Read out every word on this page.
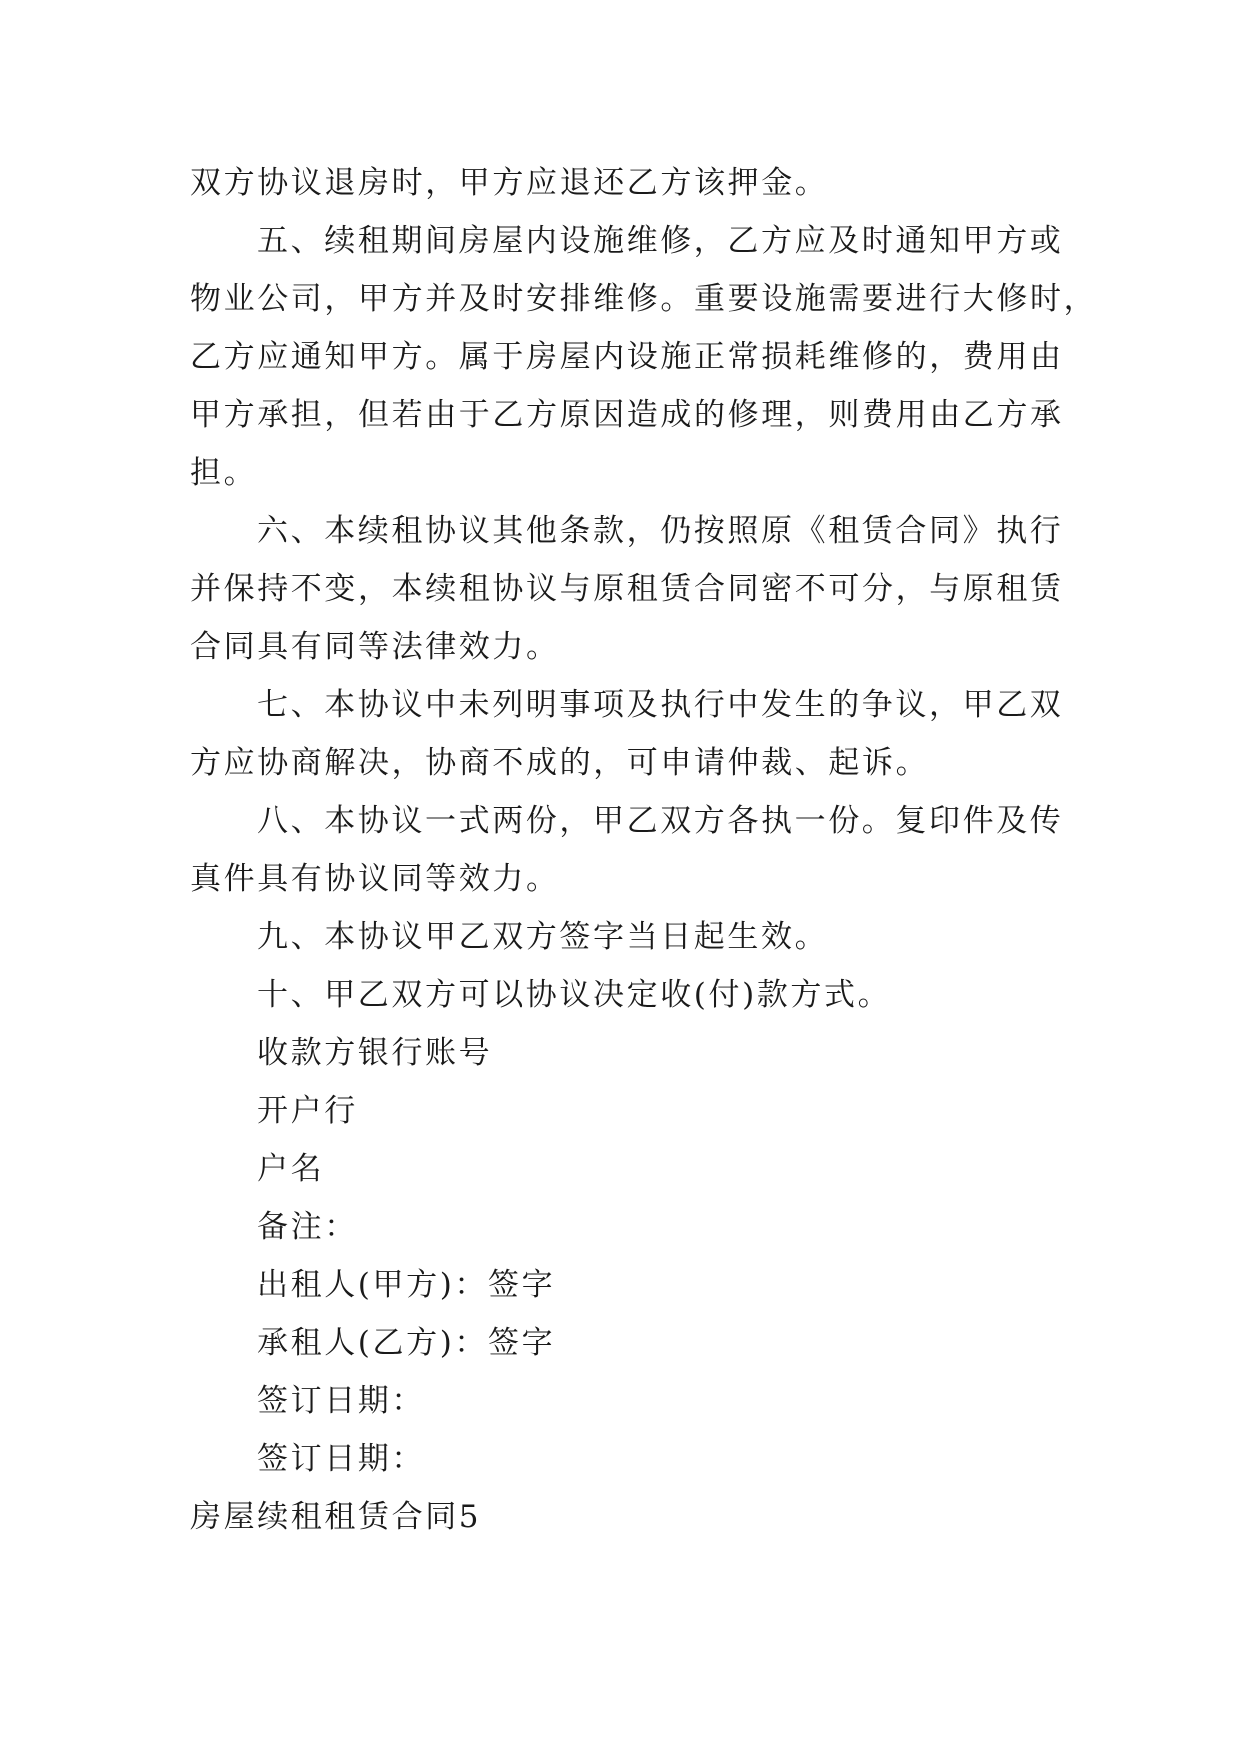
双方协议退房时，甲方应退还乙方该押金。
五、续租期间房屋内设施维修，乙方应及时通知甲方或
物业公司，甲方并及时安排维修。重要设施需要进行大修时，
乙方应通知甲方。属于房屋内设施正常损耗维修的，费用由
甲方承担，但若由于乙方原因造成的修理，则费用由乙方承
担。
六、本续租协议其他条款，仍按照原《租赁合同》执行
并保持不变，本续租协议与原租赁合同密不可分，与原租赁
合同具有同等法律效力。
七、本协议中未列明事项及执行中发生的争议，甲乙双
方应协商解决，协商不成的，可申请仲裁、起诉。
八、本协议一式两份，甲乙双方各执一份。复印件及传
真件具有协议同等效力。
九、本协议甲乙双方签字当日起生效。
十、甲乙双方可以协议决定收(付)款方式。
收款方银行账号
开户行
户名
备注：
出租人(甲方)：签字
承租人(乙方)：签字
签订日期：
签订日期：
房屋续租租赁合同5
